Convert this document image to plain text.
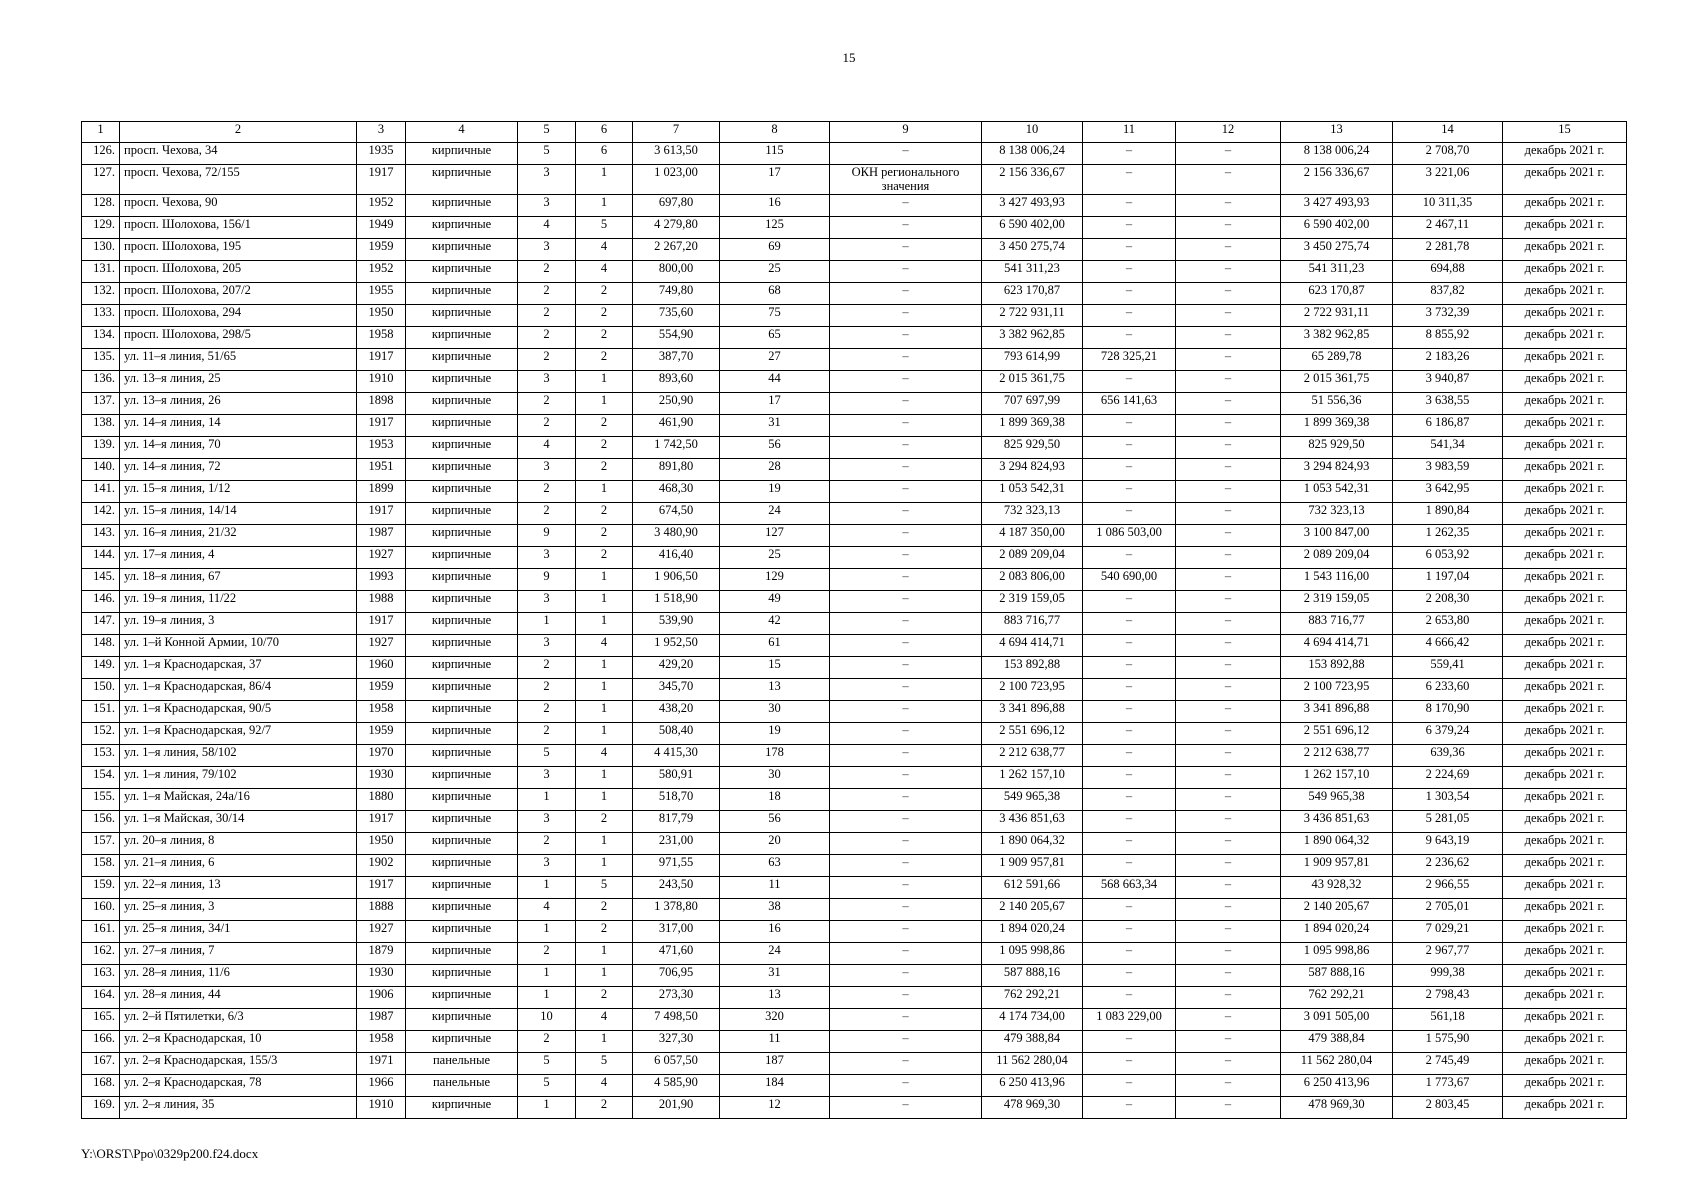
15
1	2	3	4	5	6	7	8	9	10	11	12	13	14	15
126.	просп. Чехова, 34	1935	кирпичные	5	6	3 613,50	115	–	8 138 006,24	–	–	8 138 006,24	2 708,70	декабрь 2021 г.
127.	просп. Чехова, 72/155	1917	кирпичные	3	1	1 023,00	17	ОКН регионального значения	2 156 336,67	–	–	2 156 336,67	3 221,06	декабрь 2021 г.
128.	просп. Чехова, 90	1952	кирпичные	3	1	697,80	16	–	3 427 493,93	–	–	3 427 493,93	10 311,35	декабрь 2021 г.
129.	просп. Шолохова, 156/1	1949	кирпичные	4	5	4 279,80	125	–	6 590 402,00	–	–	6 590 402,00	2 467,11	декабрь 2021 г.
130.	просп. Шолохова, 195	1959	кирпичные	3	4	2 267,20	69	–	3 450 275,74	–	–	3 450 275,74	2 281,78	декабрь 2021 г.
131.	просп. Шолохова, 205	1952	кирпичные	2	4	800,00	25	–	541 311,23	–	–	541 311,23	694,88	декабрь 2021 г.
132.	просп. Шолохова, 207/2	1955	кирпичные	2	2	749,80	68	–	623 170,87	–	–	623 170,87	837,82	декабрь 2021 г.
133.	просп. Шолохова, 294	1950	кирпичные	2	2	735,60	75	–	2 722 931,11	–	–	2 722 931,11	3 732,39	декабрь 2021 г.
134.	просп. Шолохова, 298/5	1958	кирпичные	2	2	554,90	65	–	3 382 962,85	–	–	3 382 962,85	8 855,92	декабрь 2021 г.
135.	ул. 11–я линия, 51/65	1917	кирпичные	2	2	387,70	27	–	793 614,99	728 325,21	–	65 289,78	2 183,26	декабрь 2021 г.
136.	ул. 13–я линия, 25	1910	кирпичные	3	1	893,60	44	–	2 015 361,75	–	–	2 015 361,75	3 940,87	декабрь 2021 г.
137.	ул. 13–я линия, 26	1898	кирпичные	2	1	250,90	17	–	707 697,99	656 141,63	–	51 556,36	3 638,55	декабрь 2021 г.
138.	ул. 14–я линия, 14	1917	кирпичные	2	2	461,90	31	–	1 899 369,38	–	–	1 899 369,38	6 186,87	декабрь 2021 г.
139.	ул. 14–я линия, 70	1953	кирпичные	4	2	1 742,50	56	–	825 929,50	–	–	825 929,50	541,34	декабрь 2021 г.
140.	ул. 14–я линия, 72	1951	кирпичные	3	2	891,80	28	–	3 294 824,93	–	–	3 294 824,93	3 983,59	декабрь 2021 г.
141.	ул. 15–я линия, 1/12	1899	кирпичные	2	1	468,30	19	–	1 053 542,31	–	–	1 053 542,31	3 642,95	декабрь 2021 г.
142.	ул. 15–я линия, 14/14	1917	кирпичные	2	2	674,50	24	–	732 323,13	–	–	732 323,13	1 890,84	декабрь 2021 г.
143.	ул. 16–я линия, 21/32	1987	кирпичные	9	2	3 480,90	127	–	4 187 350,00	1 086 503,00	–	3 100 847,00	1 262,35	декабрь 2021 г.
144.	ул. 17–я линия, 4	1927	кирпичные	3	2	416,40	25	–	2 089 209,04	–	–	2 089 209,04	6 053,92	декабрь 2021 г.
145.	ул. 18–я линия, 67	1993	кирпичные	9	1	1 906,50	129	–	2 083 806,00	540 690,00	–	1 543 116,00	1 197,04	декабрь 2021 г.
146.	ул. 19–я линия, 11/22	1988	кирпичные	3	1	1 518,90	49	–	2 319 159,05	–	–	2 319 159,05	2 208,30	декабрь 2021 г.
147.	ул. 19–я линия, 3	1917	кирпичные	1	1	539,90	42	–	883 716,77	–	–	883 716,77	2 653,80	декабрь 2021 г.
148.	ул. 1–й Конной Армии, 10/70	1927	кирпичные	3	4	1 952,50	61	–	4 694 414,71	–	–	4 694 414,71	4 666,42	декабрь 2021 г.
149.	ул. 1–я Краснодарская, 37	1960	кирпичные	2	1	429,20	15	–	153 892,88	–	–	153 892,88	559,41	декабрь 2021 г.
150.	ул. 1–я Краснодарская, 86/4	1959	кирпичные	2	1	345,70	13	–	2 100 723,95	–	–	2 100 723,95	6 233,60	декабрь 2021 г.
151.	ул. 1–я Краснодарская, 90/5	1958	кирпичные	2	1	438,20	30	–	3 341 896,88	–	–	3 341 896,88	8 170,90	декабрь 2021 г.
152.	ул. 1–я Краснодарская, 92/7	1959	кирпичные	2	1	508,40	19	–	2 551 696,12	–	–	2 551 696,12	6 379,24	декабрь 2021 г.
153.	ул. 1–я линия, 58/102	1970	кирпичные	5	4	4 415,30	178	–	2 212 638,77	–	–	2 212 638,77	639,36	декабрь 2021 г.
154.	ул. 1–я линия, 79/102	1930	кирпичные	3	1	580,91	30	–	1 262 157,10	–	–	1 262 157,10	2 224,69	декабрь 2021 г.
155.	ул. 1–я Майская, 24а/16	1880	кирпичные	1	1	518,70	18	–	549 965,38	–	–	549 965,38	1 303,54	декабрь 2021 г.
156.	ул. 1–я Майская, 30/14	1917	кирпичные	3	2	817,79	56	–	3 436 851,63	–	–	3 436 851,63	5 281,05	декабрь 2021 г.
157.	ул. 20–я линия, 8	1950	кирпичные	2	1	231,00	20	–	1 890 064,32	–	–	1 890 064,32	9 643,19	декабрь 2021 г.
158.	ул. 21–я линия, 6	1902	кирпичные	3	1	971,55	63	–	1 909 957,81	–	–	1 909 957,81	2 236,62	декабрь 2021 г.
159.	ул. 22–я линия, 13	1917	кирпичные	1	5	243,50	11	–	612 591,66	568 663,34	–	43 928,32	2 966,55	декабрь 2021 г.
160.	ул. 25–я линия, 3	1888	кирпичные	4	2	1 378,80	38	–	2 140 205,67	–	–	2 140 205,67	2 705,01	декабрь 2021 г.
161.	ул. 25–я линия, 34/1	1927	кирпичные	1	2	317,00	16	–	1 894 020,24	–	–	1 894 020,24	7 029,21	декабрь 2021 г.
162.	ул. 27–я линия, 7	1879	кирпичные	2	1	471,60	24	–	1 095 998,86	–	–	1 095 998,86	2 967,77	декабрь 2021 г.
163.	ул. 28–я линия, 11/6	1930	кирпичные	1	1	706,95	31	–	587 888,16	–	–	587 888,16	999,38	декабрь 2021 г.
164.	ул. 28–я линия, 44	1906	кирпичные	1	2	273,30	13	–	762 292,21	–	–	762 292,21	2 798,43	декабрь 2021 г.
165.	ул. 2–й Пятилетки, 6/3	1987	кирпичные	10	4	7 498,50	320	–	4 174 734,00	1 083 229,00	–	3 091 505,00	561,18	декабрь 2021 г.
166.	ул. 2–я Краснодарская, 10	1958	кирпичные	2	1	327,30	11	–	479 388,84	–	–	479 388,84	1 575,90	декабрь 2021 г.
167.	ул. 2–я Краснодарская, 155/3	1971	панельные	5	5	6 057,50	187	–	11 562 280,04	–	–	11 562 280,04	2 745,49	декабрь 2021 г.
168.	ул. 2–я Краснодарская, 78	1966	панельные	5	4	4 585,90	184	–	6 250 413,96	–	–	6 250 413,96	1 773,67	декабрь 2021 г.
169.	ул. 2–я линия, 35	1910	кирпичные	1	2	201,90	12	–	478 969,30	–	–	478 969,30	2 803,45	декабрь 2021 г.
Y:\ORST\Ppo\0329p200.f24.docx
